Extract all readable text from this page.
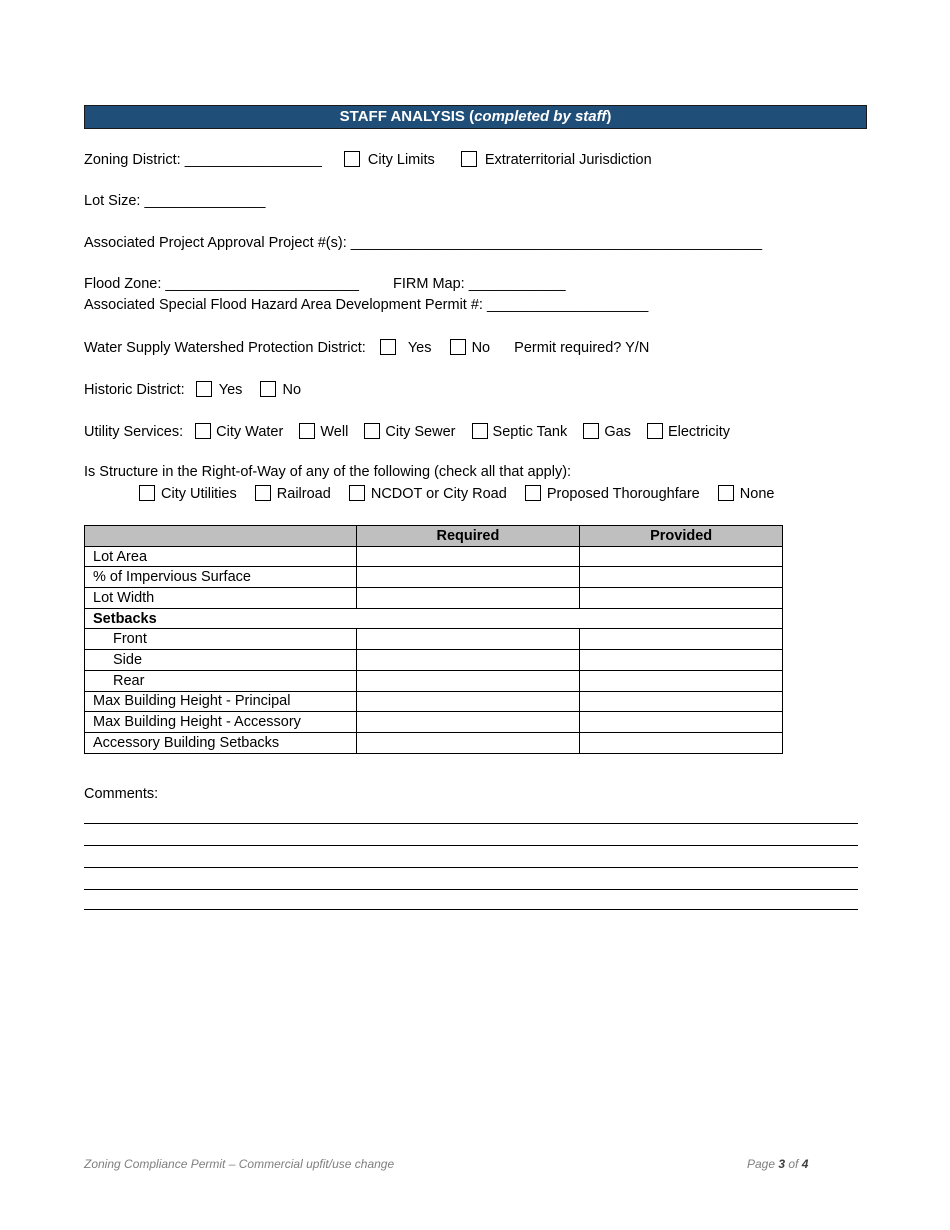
STAFF ANALYSIS (completed by staff)
Zoning District: _________________	City Limits	Extraterritorial Jurisdiction
Lot Size: _______________
Associated Project Approval Project #(s): ___________________________________________________
Flood Zone: ________________________ FIRM Map: ____________
Associated Special Flood Hazard Area Development Permit #: ____________________
Water Supply Watershed Protection District:	Yes	No Permit required? Y/N
Historic District: Yes	No
Utility Services: City Water	Well	City Sewer	Septic Tank	Gas	Electricity
Is Structure in the Right-of-Way of any of the following (check all that apply):
City Utilities	Railroad	NCDOT or City Road	Proposed Thoroughfare	None
	Required	Provided
Lot Area		
% of Impervious Surface		
Lot Width		
Setbacks		
Front		
Side		
Rear		
Max Building Height - Principal		
Max Building Height - Accessory		
Accessory Building Setbacks		
Comments:
Zoning Compliance Permit – Commercial upfit/use change	Page 3 of 4
